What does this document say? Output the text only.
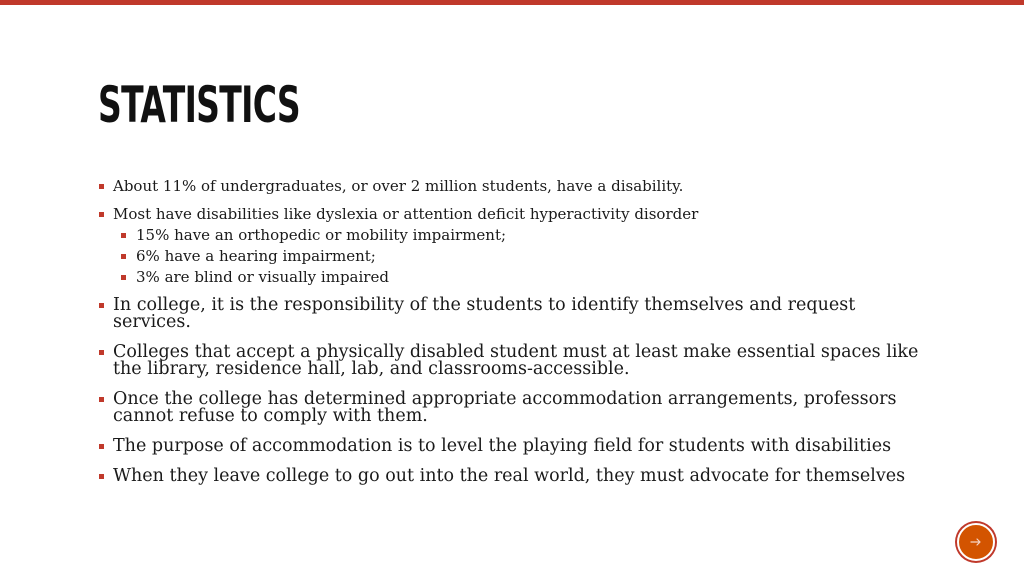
STATISTICS
About 11% of undergraduates, or over 2 million students, have a disability.
Most have disabilities like dyslexia or attention deficit hyperactivity disorder
15% have an orthopedic or mobility impairment;
6% have a hearing impairment;
3% are blind or visually impaired
In college, it is the responsibility of the students to identify themselves and request services.
Colleges that accept a physically disabled student must at least make essential spaces like the library, residence hall, lab, and classrooms-accessible.
Once the college has determined appropriate accommodation arrangements, professors cannot refuse to comply with them.
The purpose of accommodation is to level the playing field for students with disabilities
When they leave college to go out into the real world, they must advocate for themselves
